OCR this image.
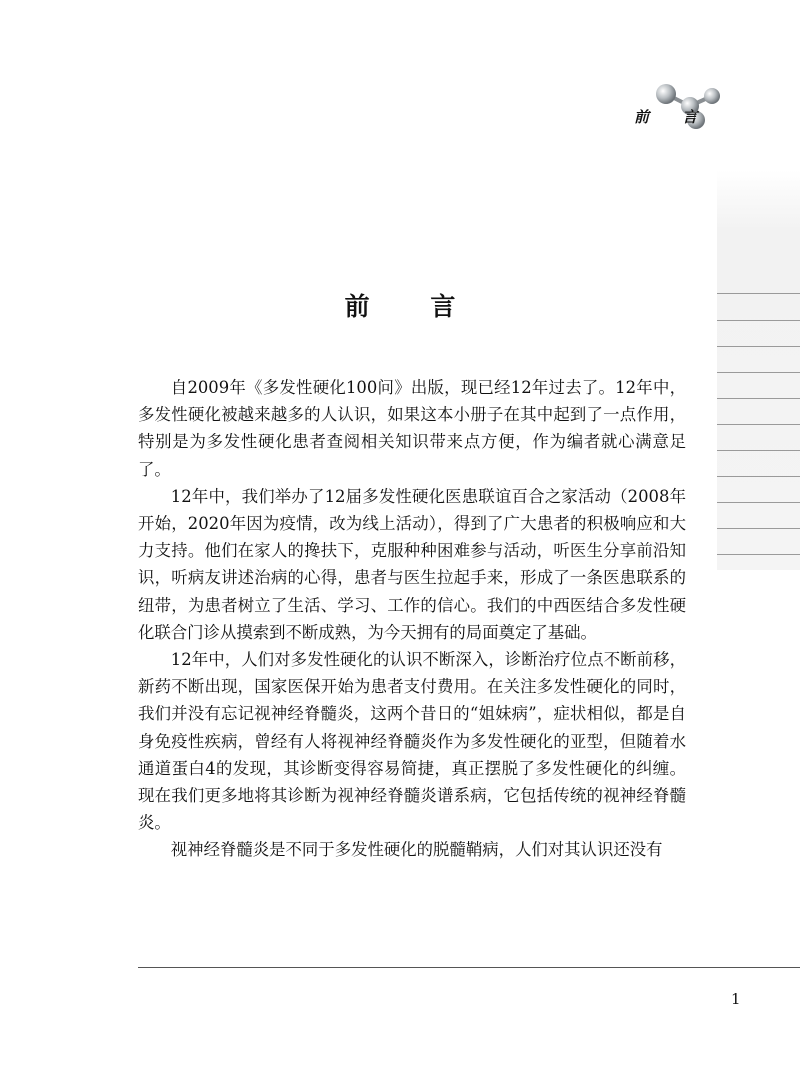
前 言
前 言

自2009年《多发性硬化100问》出版，现已经12年过去了。12年中，多发性硬化被越来越多的人认识，如果这本小册子在其中起到了一点作用，特别是为多发性硬化患者查阅相关知识带来点方便，作为编者就心满意足了。

12年中，我们举办了12届多发性硬化医患联谊百合之家活动（2008年开始，2020年因为疫情，改为线上活动），得到了广大患者的积极响应和大力支持。他们在家人的搀扶下，克服种种困难参与活动，听医生分享前沿知识，听病友讲述治病的心得，患者与医生拉起手来，形成了一条医患联系的纽带，为患者树立了生活、学习、工作的信心。我们的中西医结合多发性硬化联合门诊从摸索到不断成熟，为今天拥有的局面奠定了基础。

12年中，人们对多发性硬化的认识不断深入，诊断治疗位点不断前移，新药不断出现，国家医保开始为患者支付费用。在关注多发性硬化的同时，我们并没有忘记视神经脊髓炎，这两个昔日的“姐妹病”，症状相似，都是自身免疫性疾病，曾经有人将视神经脊髓炎作为多发性硬化的亚型，但随着水通道蛋白4的发现，其诊断变得容易简捷，真正摆脱了多发性硬化的纠缠。现在我们更多地将其诊断为视神经脊髓炎谱系病，它包括传统的视神经脊髓炎。

视神经脊髓炎是不同于多发性硬化的脱髓鞘病，人们对其认识还没有

1
